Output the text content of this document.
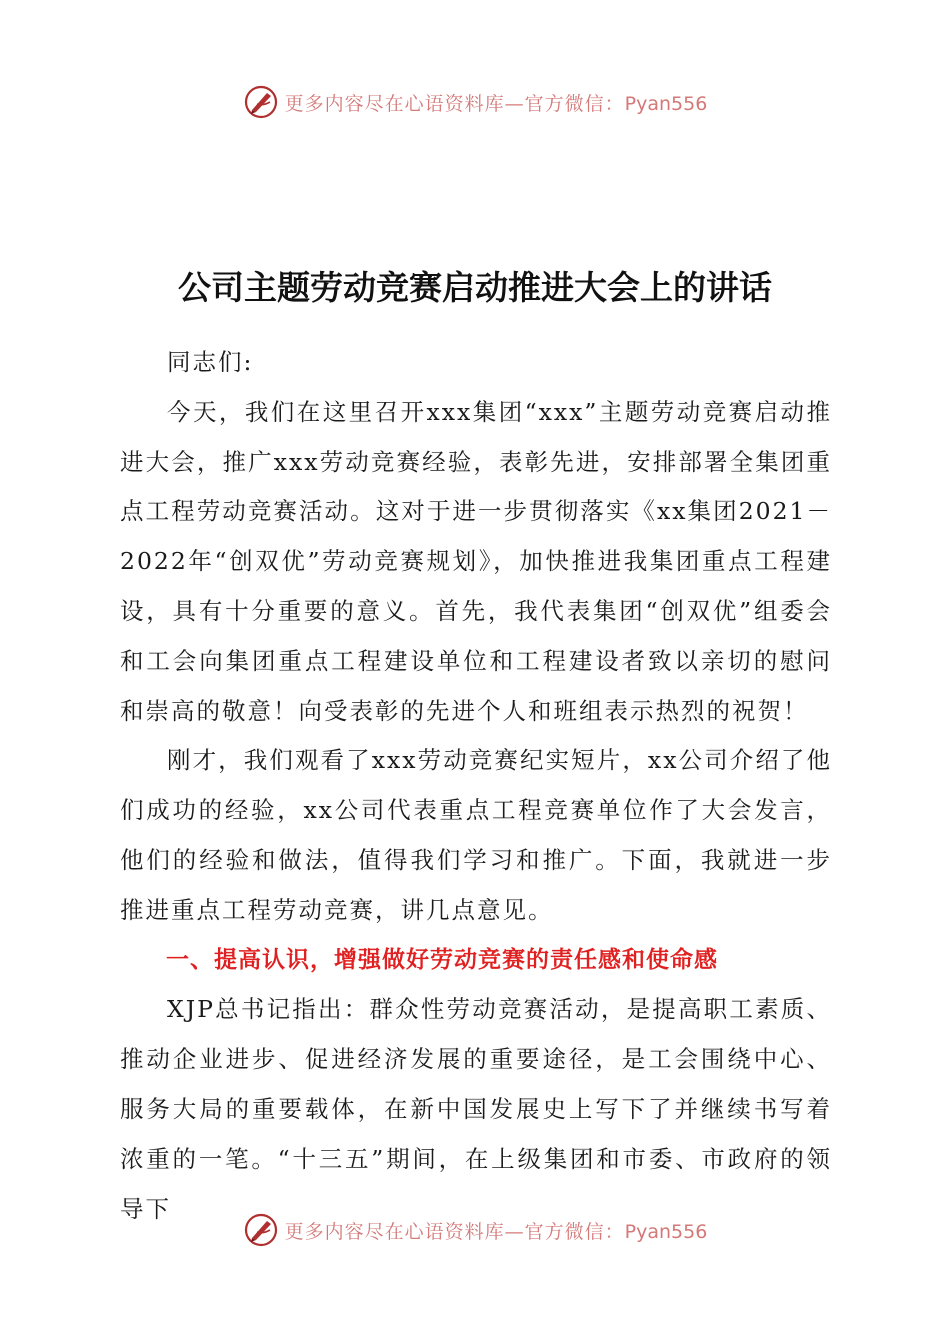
更多内容尽在心语资料库—官方微信：Pyan556
公司主题劳动竞赛启动推进大会上的讲话

同志们:

今天，我们在这里召开xxx集团“xxx”主题劳动竞赛启动推进大会，推广xxx劳动竞赛经验，表彰先进，安排部署全集团重点工程劳动竞赛活动。这对于进一步贯彻落实《xx集团2021－2022年“创双优”劳动竞赛规划》，加快推进我集团重点工程建设，具有十分重要的意义。首先，我代表集团“创双优”组委会和工会向集团重点工程建设单位和工程建设者致以亲切的慰问和崇高的敬意！向受表彰的先进个人和班组表示热烈的祝贺！

刚才，我们观看了xxx劳动竞赛纪实短片，xx公司介绍了他们成功的经验，xx公司代表重点工程竞赛单位作了大会发言，他们的经验和做法，值得我们学习和推广。下面，我就进一步推进重点工程劳动竞赛，讲几点意见。

一、提高认识，增强做好劳动竞赛的责任感和使命感

XJP总书记指出：群众性劳动竞赛活动，是提高职工素质、推动企业进步、促进经济发展的重要途径，是工会围绕中心、服务大局的重要载体，在新中国发展史上写下了并继续书写着浓重的一笔。“十三五”期间，在上级集团和市委、市政府的领导下

更多内容尽在心语资料库—官方微信：Pyan556
